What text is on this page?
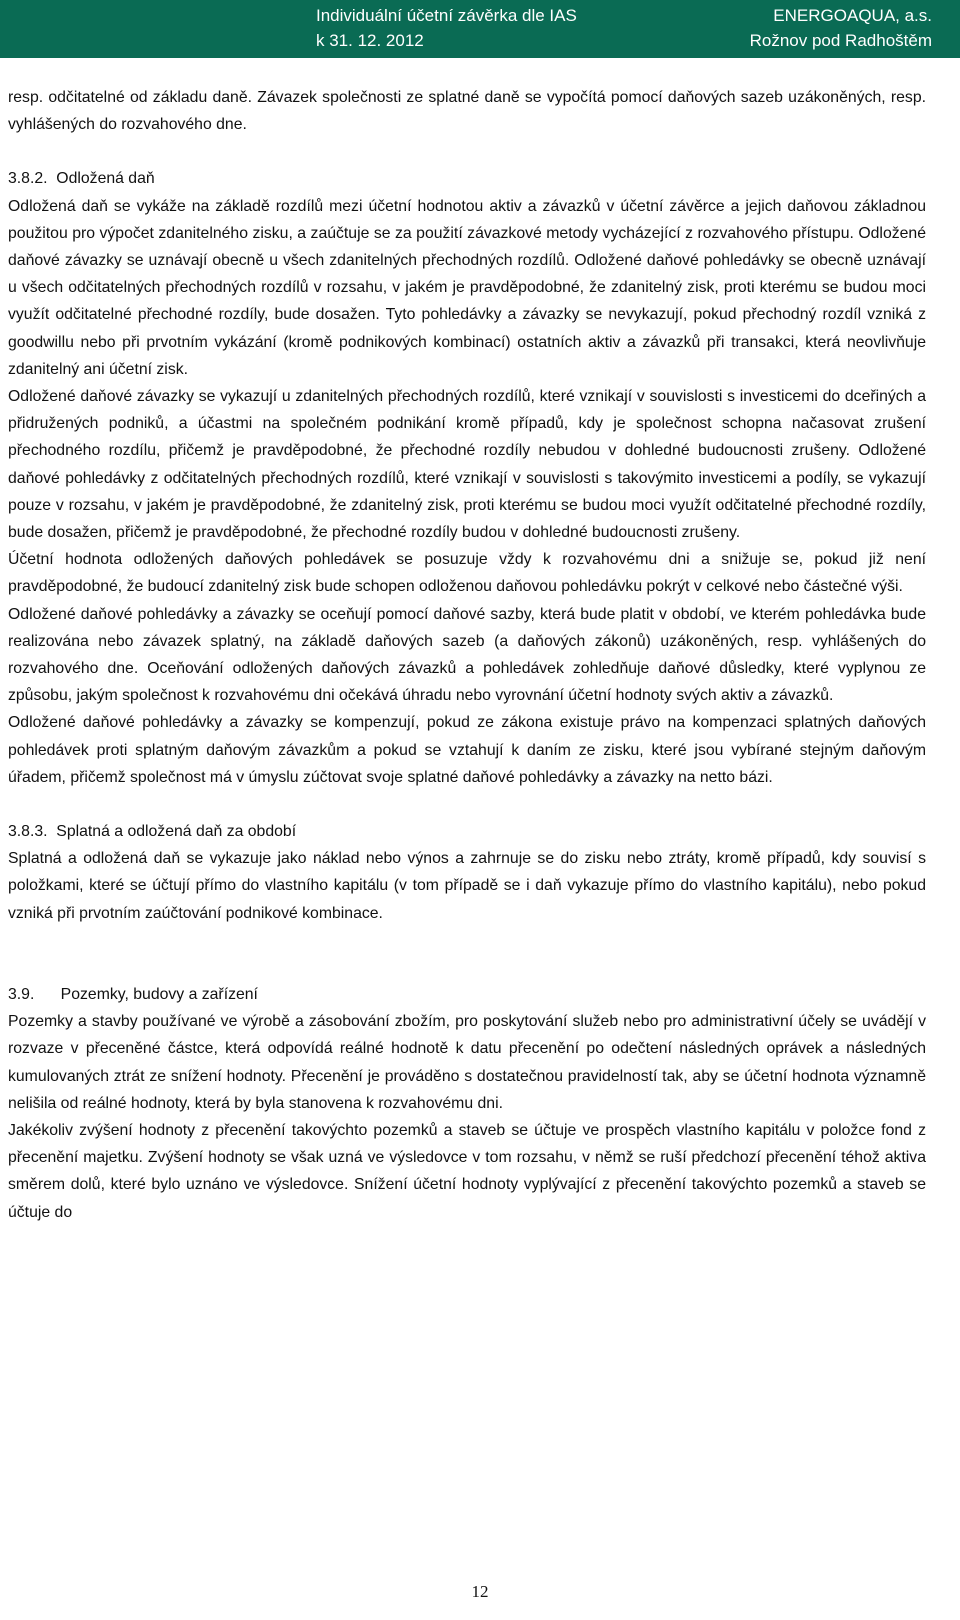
Individuální účetní závěrka dle IAS
k 31. 12. 2012
ENERGOAQUA, a.s.
Rožnov pod Radhoštěm

resp. odčitatelné od základu daně. Závazek společnosti ze splatné daně se vypočítá pomocí daňových sazeb uzákoněných, resp. vyhlášených do rozvahového dne.

3.8.2.  Odložená daň

Odložená daň se vykáže na základě rozdílů mezi účetní hodnotou aktiv a závazků v účetní závěrce a jejich daňovou základnou použitou pro výpočet zdanitelného zisku, a zaúčtuje se za použití závazkové metody vycházející z rozvahového přístupu. Odložené daňové závazky se uznávají obecně u všech zdanitelných přechodných rozdílů. Odložené daňové pohledávky se obecně uznávají u všech odčitatelných přechodných rozdílů v rozsahu, v jakém je pravděpodobné, že zdanitelný zisk, proti kterému se budou moci využít odčitatelné přechodné rozdíly, bude dosažen. Tyto pohledávky a závazky se nevykazují, pokud přechodný rozdíl vzniká z goodwillu nebo při prvotním vykázání (kromě podnikových kombinací) ostatních aktiv a závazků při transakci, která neovlivňuje zdanitelný ani účetní zisk.

Odložené daňové závazky se vykazují u zdanitelných přechodných rozdílů, které vznikají v souvislosti s investicemi do dceřiných a přidružených podniků, a účastmi na společném podnikání kromě případů, kdy je společnost schopna načasovat zrušení přechodného rozdílu, přičemž je pravděpodobné, že přechodné rozdíly nebudou v dohledné budoucnosti zrušeny. Odložené daňové pohledávky z odčitatelných přechodných rozdílů, které vznikají v souvislosti s takovýmito investicemi a podíly, se vykazují pouze v rozsahu, v jakém je pravděpodobné, že zdanitelný zisk, proti kterému se budou moci využít odčitatelné přechodné rozdíly, bude dosažen, přičemž je pravděpodobné, že přechodné rozdíly budou v dohledné budoucnosti zrušeny.

Účetní hodnota odložených daňových pohledávek se posuzuje vždy k rozvahovému dni a snižuje se, pokud již není pravděpodobné, že budoucí zdanitelný zisk bude schopen odloženou daňovou pohledávku pokrýt v celkové nebo částečné výši.

Odložené daňové pohledávky a závazky se oceňují pomocí daňové sazby, která bude platit v období, ve kterém pohledávka bude realizována nebo závazek splatný, na základě daňových sazeb (a daňových zákonů) uzákoněných, resp. vyhlášených do rozvahového dne. Oceňování odložených daňových závazků a pohledávek zohledňuje daňové důsledky, které vyplynou ze způsobu, jakým společnost k rozvahovému dni očekává úhradu nebo vyrovnání účetní hodnoty svých aktiv a závazků.

Odložené daňové pohledávky a závazky se kompenzují, pokud ze zákona existuje právo na kompenzaci splatných daňových pohledávek proti splatným daňovým závazkům a pokud se vztahují k daním ze zisku, které jsou vybírané stejným daňovým úřadem, přičemž společnost má v úmyslu zúčtovat svoje splatné daňové pohledávky a závazky na netto bázi.

3.8.3.  Splatná a odložená daň za období

Splatná a odložená daň se vykazuje jako náklad nebo výnos a zahrnuje se do zisku nebo ztráty, kromě případů, kdy souvisí s položkami, které se účtují přímo do vlastního kapitálu (v tom případě se i daň vykazuje přímo do vlastního kapitálu), nebo pokud vzniká při prvotním zaúčtování podnikové kombinace.

3.9.      Pozemky, budovy a zařízení

Pozemky a stavby používané ve výrobě a zásobování zbožím, pro poskytování služeb nebo pro administrativní účely se uvádějí v rozvaze v přeceněné částce, která odpovídá reálné hodnotě k datu přecenění po odečtení následných oprávek a následných kumulovaných ztrát ze snížení hodnoty. Přecenění je prováděno s dostatečnou pravidelností tak, aby se účetní hodnota významně nelišila od reálné hodnoty, která by byla stanovena k rozvahovému dni.

Jakékoliv zvýšení hodnoty z přecenění takovýchto pozemků a staveb se účtuje ve prospěch vlastního kapitálu v položce fond z přecenění majetku. Zvýšení hodnoty se však uzná ve výsledovce v tom rozsahu, v němž se ruší předchozí přecenění téhož aktiva směrem dolů, které bylo uznáno ve výsledovce. Snížení účetní hodnoty vyplývající z přecenění takovýchto pozemků a staveb se účtuje do

12
